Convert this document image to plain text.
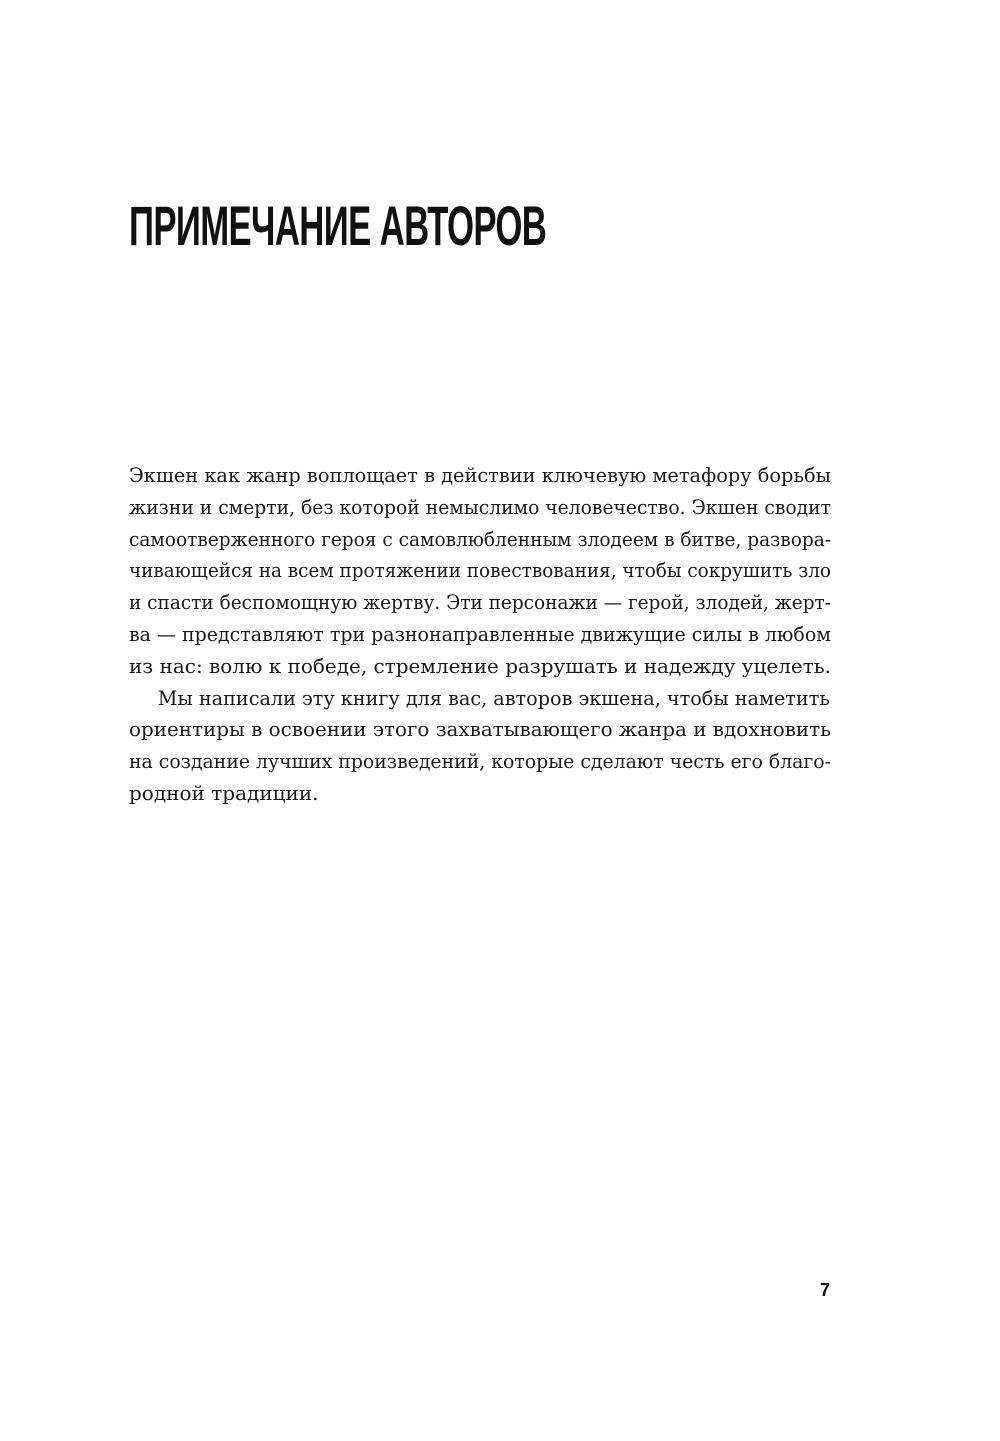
ПРИМЕЧАНИЕ АВТОРОВ

Экшен как жанр воплощает в действии ключевую метафору борьбы
жизни и смерти, без которой немыслимо человечество. Экшен сводит
самоотверженного героя с самовлюбленным злодеем в битве, развора-
чивающейся на всем протяжении повествования, чтобы сокрушить зло
и спасти беспомощную жертву. Эти персонажи — герой, злодей, жерт-
ва — представляют три разнонаправленные движущие силы в любом
из нас: волю к победе, стремление разрушать и надежду уцелеть.

Мы написали эту книгу для вас, авторов экшена, чтобы наметить
ориентиры в освоении этого захватывающего жанра и вдохновить
на создание лучших произведений, которые сделают честь его благо-
родной традиции.

7
